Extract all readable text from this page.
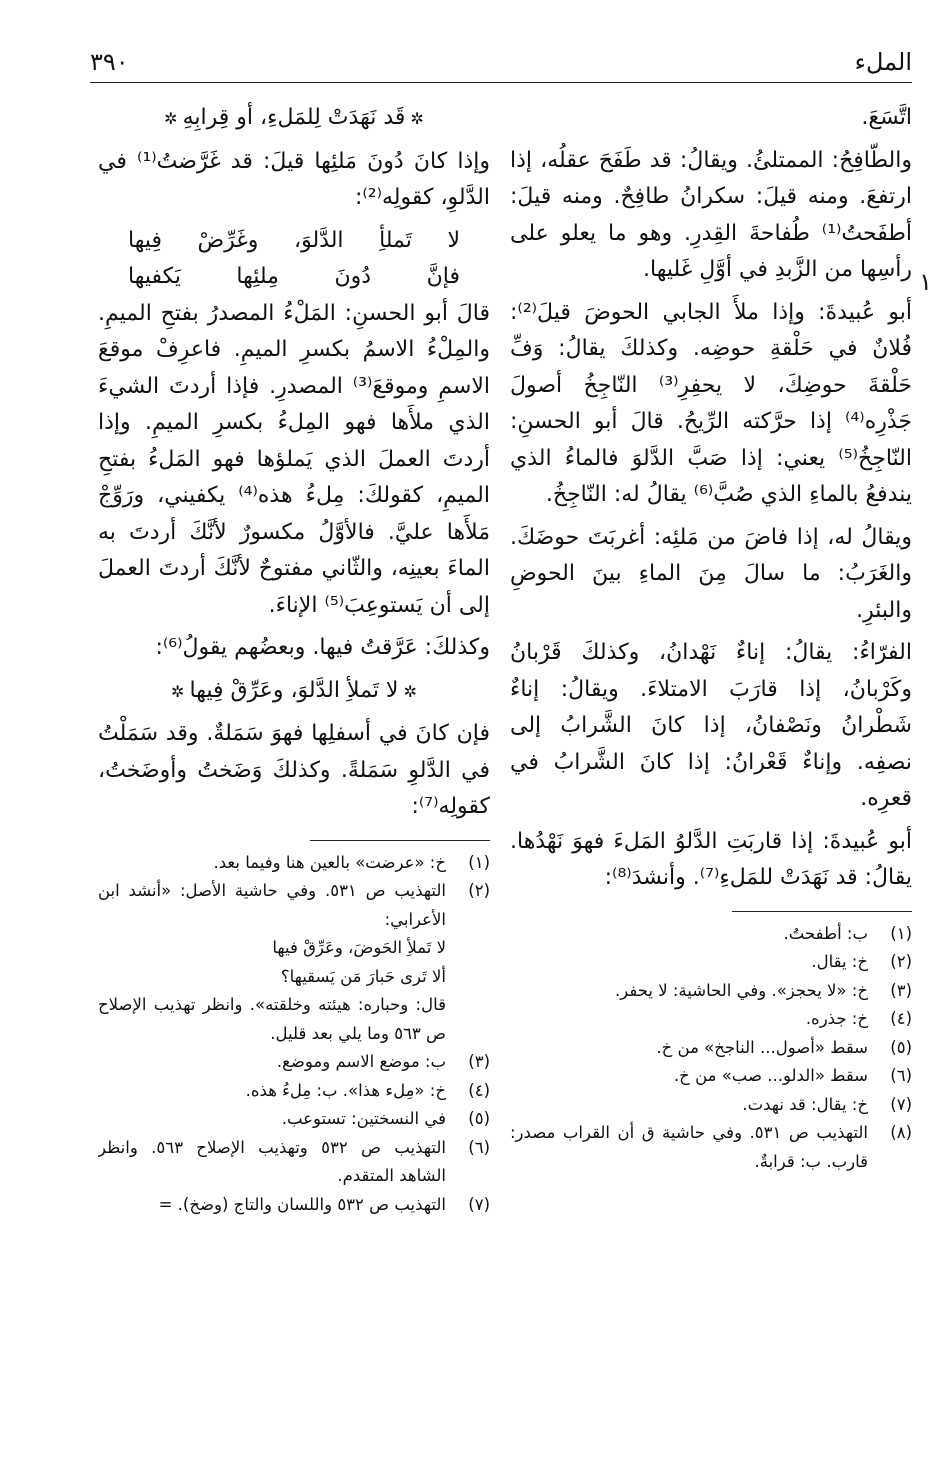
الملء
٣٩٠

اتَّسَعَ.

والطّافِحُ: الممتلئُ. ويقالُ: قد طَفَحَ عقلُه، إذا ارتفعَ. ومنه قيلَ: سكرانُ طافِحٌ. ومنه قيلَ: أطفَحتُ⁽¹⁾ طُفاحةَ القِدرِ. وهو ما يعلو على رأسِها من الزَّبدِ في أوَّلِ غَليها.

أبو عُبيدةَ: وإذا ملأَ الجابي الحوضَ قيلَ⁽²⁾: فُلانٌ في حَلْقةِ حوضِه. وكذلكَ يقالُ: وَفِّ حَلْقةَ حوضِكَ، لا يحفِرِ⁽³⁾ النّاجِخُ أصولَ جَذْرِه⁽⁴⁾ إذا حرَّكته الرِّيحُ. قالَ أبو الحسنِ: النّاجِخُ⁽⁵⁾ يعني: إذا صَبَّ الدَّلوَ فالماءُ الذي يندفعُ بالماءِ الذي صُبَّ⁽⁶⁾ يقالُ له: النّاجِخُ.

ويقالُ له، إذا فاضَ من مَلئِه: أغربَتَ حوضَكَ. والغَرَبُ: ما سالَ مِنَ الماءِ بينَ الحوضِ والبئرِ.

الفرّاءُ: يقالُ: إناءٌ نَهْدانُ، وكذلكَ قَرْبانُ وكَرْبانُ، إذا قارَبَ الامتلاءَ. ويقالُ: إناءٌ شَطْرانُ ونَصْفانُ، إذا كانَ الشَّرابُ إلى نصفِه. وإناءٌ قَعْرانُ: إذا كانَ الشَّرابُ في قعرِه.

أبو عُبيدةَ: إذا قاربَتِ الدَّلوُ المَلءَ فهوَ نَهْدُها. يقالُ: قد نَهَدَتْ للمَلءِ⁽⁷⁾. وأنشدَ⁽⁸⁾:

(١)
ب: أطفحتُ.
(٢)
خ: يقال.
(٣)
خ: «لا يحجز». وفي الحاشية: لا يحفر.
(٤)
خ: جذره.
(٥)
سقط «أصول... الناجخ» من خ.
(٦)
سقط «الدلو... صب» من خ.
(٧)
خ: يقال: قد نهدت.
(٨)
التهذيب ص ٥٣١. وفي حاشية ق أن القراب مصدر: قارب. ب: قرابةٌ.
١

✲ قَد نَهَدَتْ لِلمَلءِ، أو قِرابِهِ ✲

وإذا كانَ دُونَ مَلئِها قيلَ: قد غَرَّضتُ⁽¹⁾ في الدَّلوِ، كقولِه⁽²⁾:

لا تَملأِ الدَّلوَ، وغَرِّضْ فِيها
فإنَّ دُونَ مِلئِها يَكفيها

قالَ أبو الحسنِ: المَلْءُ المصدرُ بفتحِ الميمِ. والمِلْءُ الاسمُ بكسرِ الميمِ. فاعرِفْ موقعَ الاسمِ وموقعَ⁽³⁾ المصدرِ. فإذا أردتَ الشيءَ الذي ملأَها فهو المِلءُ بكسرِ الميمِ. وإذا أردتَ العملَ الذي يَملؤها فهو المَلءُ بفتحِ الميمِ، كقولكَ: مِلءُ هذه⁽⁴⁾ يكفيني، ورَوِّجْ مَلأَها عليَّ. فالأوَّلُ مكسورٌ لأنَّكَ أردتَ به الماءَ بعينِه، والثّاني مفتوحٌ لأنَّكَ أردتَ العملَ إلى أن يَستوعِبَ⁽⁵⁾ الإناءَ.

وكذلكَ: عَرَّقتُ فيها. وبعضُهم يقولُ⁽⁶⁾:

✲ لا تَملأِ الدَّلوَ، وعَرِّقْ فِيها ✲

فإن كانَ في أسفلِها فهوَ سَمَلةٌ. وقد سَمَلْتُ في الدَّلوِ سَمَلةً. وكذلكَ وَضَختُ وأوضَختُ، كقولِه⁽⁷⁾:

(١)
خ: «عرضت» بالعين هنا وفيما بعد.
(٢)
التهذيب ص ٥٣١. وفي حاشية الأصل: «أنشد ابن الأعرابي:
لا تَملأِ الحَوضَ، وعَرِّقْ فيها
ألا تَرى حَبارَ مَن يَسقيها؟
قال: وحباره: هيئته وخلقته». وانظر تهذيب الإصلاح ص ٥٦٣ وما يلي بعد قليل.
(٣)
ب: موضع الاسم وموضع.
(٤)
خ: «مِلء هذا». ب: مِلءُ هذه.
(٥)
في النسختين: تستوعب.
(٦)
التهذيب ص ٥٣٢ وتهذيب الإصلاح ٥٦٣. وانظر الشاهد المتقدم.
(٧)
التهذيب ص ٥٣٢ واللسان والتاج (وضخ). =
